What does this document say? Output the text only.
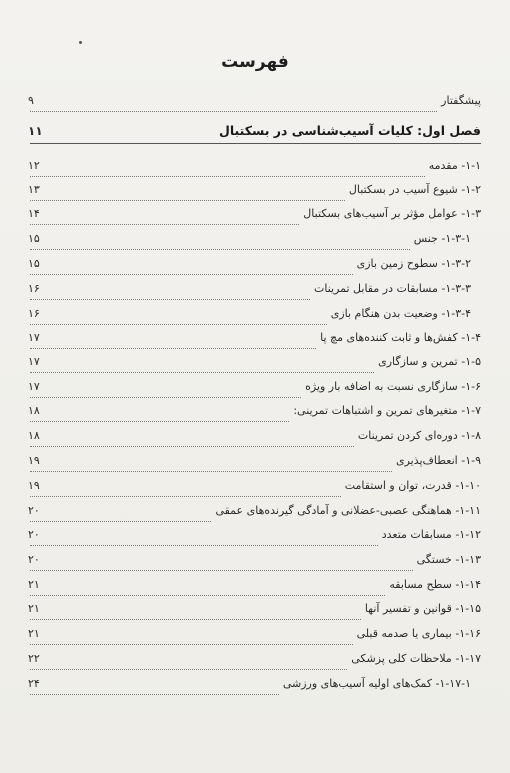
فهرست
پیشگفتار
۹
فصل اول: کلیات آسیب‌شناسی در بسکتبال
۱۱
۱-۱- مقدمه
۱۲
۱-۲- شیوع آسیب در بسکتبال
۱۳
۱-۳- عوامل مؤثر بر آسیب‌های بسکتبال
۱۴
۱-۳-۱- جنس
۱۵
۱-۳-۲- سطوح زمین بازی
۱۵
۱-۳-۳- مسابقات در مقابل تمرینات
۱۶
۱-۳-۴- وضعیت بدن هنگام بازی
۱۶
۱-۴- کفش‌ها و ثابت کننده‌های مچ پا
۱۷
۱-۵- تمرین و سازگاری
۱۷
۱-۶- سازگاری نسبت به اضافه بار ویژه
۱۷
۱-۷- متغیرهای تمرین و اشتباهات تمرینی:
۱۸
۱-۸- دوره‌ای کردن تمرینات
۱۸
۱-۹- انعطاف‌پذیری
۱۹
۱-۱۰- قدرت، توان و استقامت
۱۹
۱-۱۱- هماهنگی عصبی-عضلانی و آمادگی گیرنده‌های عمقی
۲۰
۱-۱۲- مسابقات متعدد
۲۰
۱-۱۳- خستگی
۲۰
۱-۱۴- سطح مسابقه
۲۱
۱-۱۵- قوانین و تفسیر آنها
۲۱
۱-۱۶- بیماری یا صدمه قبلی
۲۱
۱-۱۷- ملاحظات کلی پزشکی
۲۲
۱-۱۷-۱- کمک‌های اولیه آسیب‌های ورزشی
۲۴
